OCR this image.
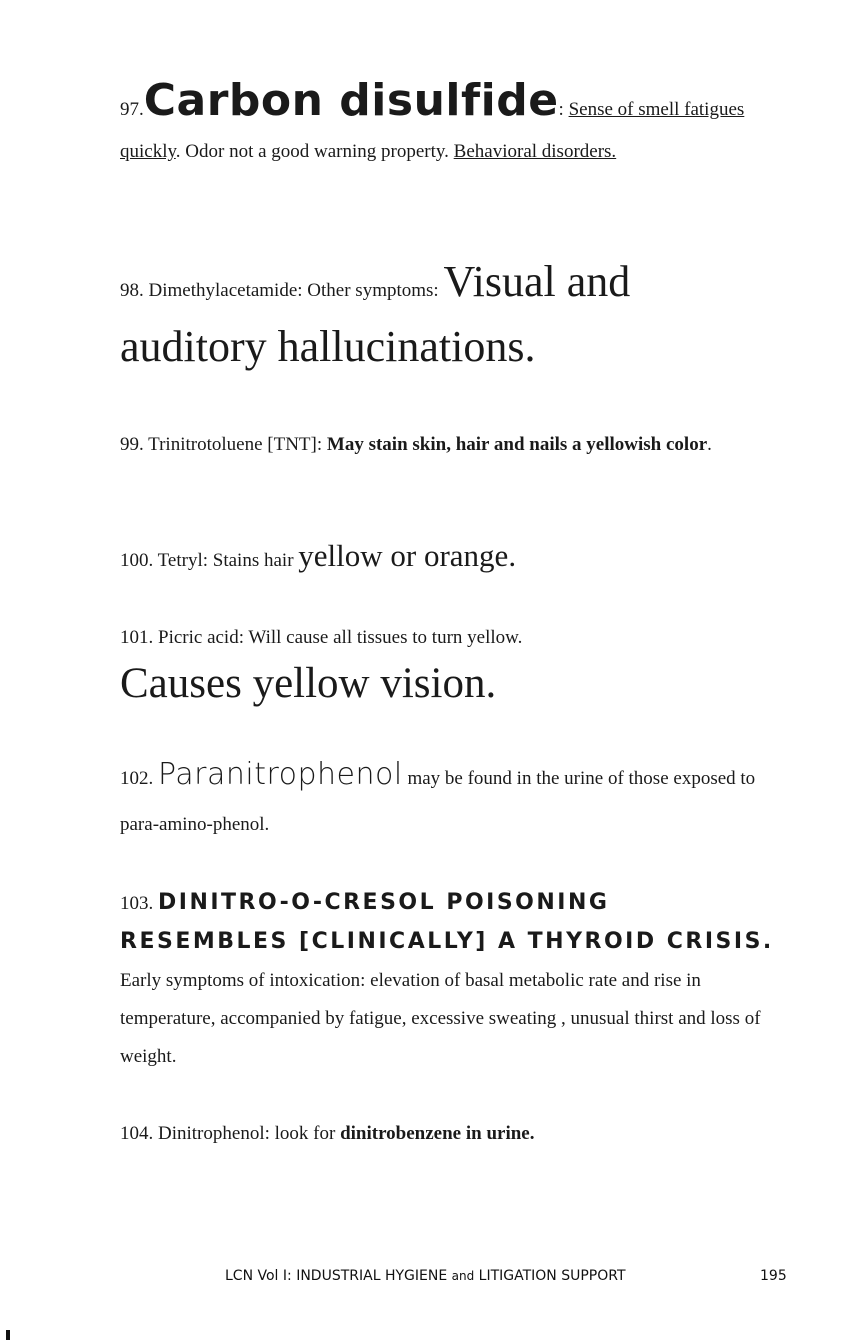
97.Carbon disulfide: Sense of smell fatigues quickly. Odor not a good warning property. Behavioral disorders.
98. Dimethylacetamide: Other symptoms: Visual and auditory hallucinations.
99. Trinitrotoluene [TNT]: May stain skin, hair and nails a yellowish color.
100. Tetryl: Stains hair yellow or orange.
101. Picric acid: Will cause all tissues to turn yellow.
Causes yellow vision.
102. Paranitrophenol may be found in the urine of those exposed to para-amino-phenol.
103. DINITRO-O-CRESOL POISONING RESEMBLES [CLINICALLY] A THYROID CRISIS. Early symptoms of intoxication: elevation of basal metabolic rate and rise in temperature, accompanied by fatigue, excessive sweating , unusual thirst and loss of weight.
104. Dinitrophenol: look for dinitrobenzene in urine.
LCN Vol I: INDUSTRIAL HYGIENE and LITIGATION SUPPORT	195
